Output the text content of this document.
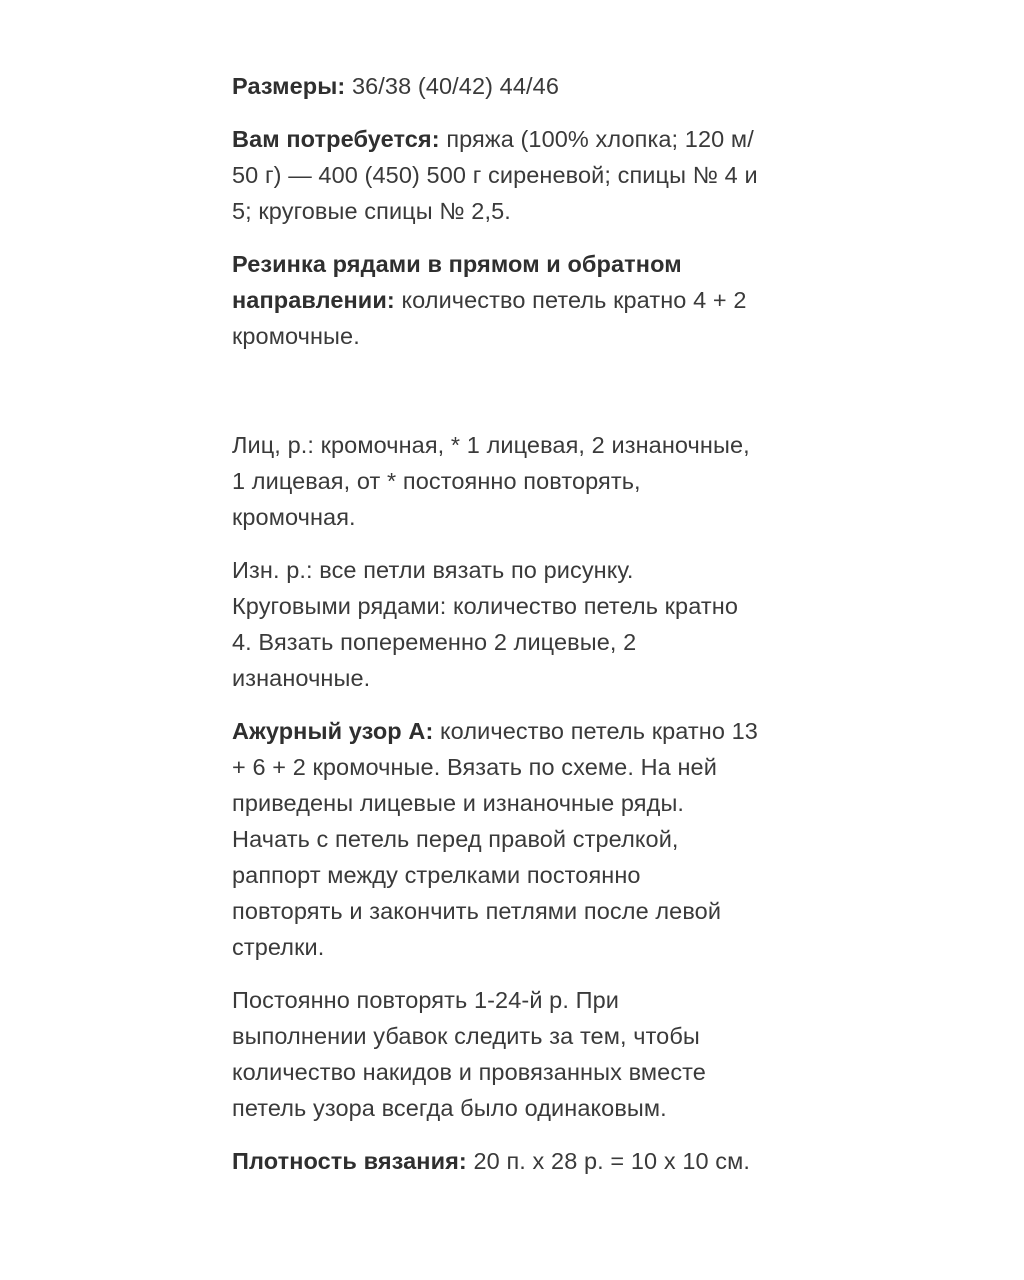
Размеры: 36/38 (40/42) 44/46

Вам потребуется: пряжа (100% хлопка; 120 м/
50 г) — 400 (450) 500 г сиреневой; спицы № 4 и
5; круговые спицы № 2,5.

Резинка рядами в прямом и обратном
направлении: количество петель кратно 4 + 2
кромочные.

Лиц, р.: кромочная, * 1 лицевая, 2 изнаночные,
1 лицевая, от * постоянно повторять,
кромочная.

Изн. р.: все петли вязать по рисунку.
Круговыми рядами: количество петель кратно
4. Вязать попеременно 2 лицевые, 2
изнаночные.

Ажурный узор А: количество петель кратно 13
+ 6 + 2 кромочные. Вязать по схеме. На ней
приведены лицевые и изнаночные ряды.
Начать с петель перед правой стрелкой,
раппорт между стрелками постоянно
повторять и закончить петлями после левой
стрелки.

Постоянно повторять 1-24-й р. При
выполнении убавок следить за тем, чтобы
количество накидов и провязанных вместе
петель узора всегда было одинаковым.

Плотность вязания: 20 п. х 28 р. = 10 х 10 см.
